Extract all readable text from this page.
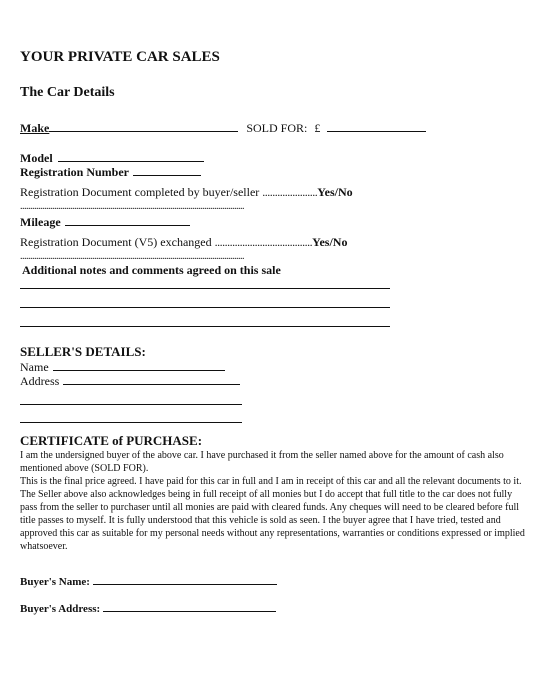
YOUR PRIVATE CAR SALES
The Car Details
Make	SOLD FOR: £
Model
Registration Number
Registration Document completed by buyer/seller ......................Yes/No
................................................................................................................
Mileage
Registration Document (V5) exchanged .......................................Yes/No
................................................................................................................
Additional notes and comments agreed on this sale
SELLER'S DETAILS:
Name
Address
CERTIFICATE of PURCHASE:

I am the undersigned buyer of the above car. I have purchased it from the seller named above for the amount of cash also mentioned above (SOLD FOR).

This is the final price agreed. I have paid for this car in full and I am in receipt of this car and all the relevant documents to it.

The Seller above also acknowledges being in full receipt of all monies but I do accept that full title to the car does not fully pass from the seller to purchaser until all monies are paid with cleared funds. Any cheques will need to be cleared before full title passes to myself. It is fully understood that this vehicle is sold as seen. I the buyer agree that I have tried, tested and approved this car as suitable for my personal needs without any representations, warranties or conditions expressed or implied whatsoever.

Buyer's Name:
Buyer's Address:
